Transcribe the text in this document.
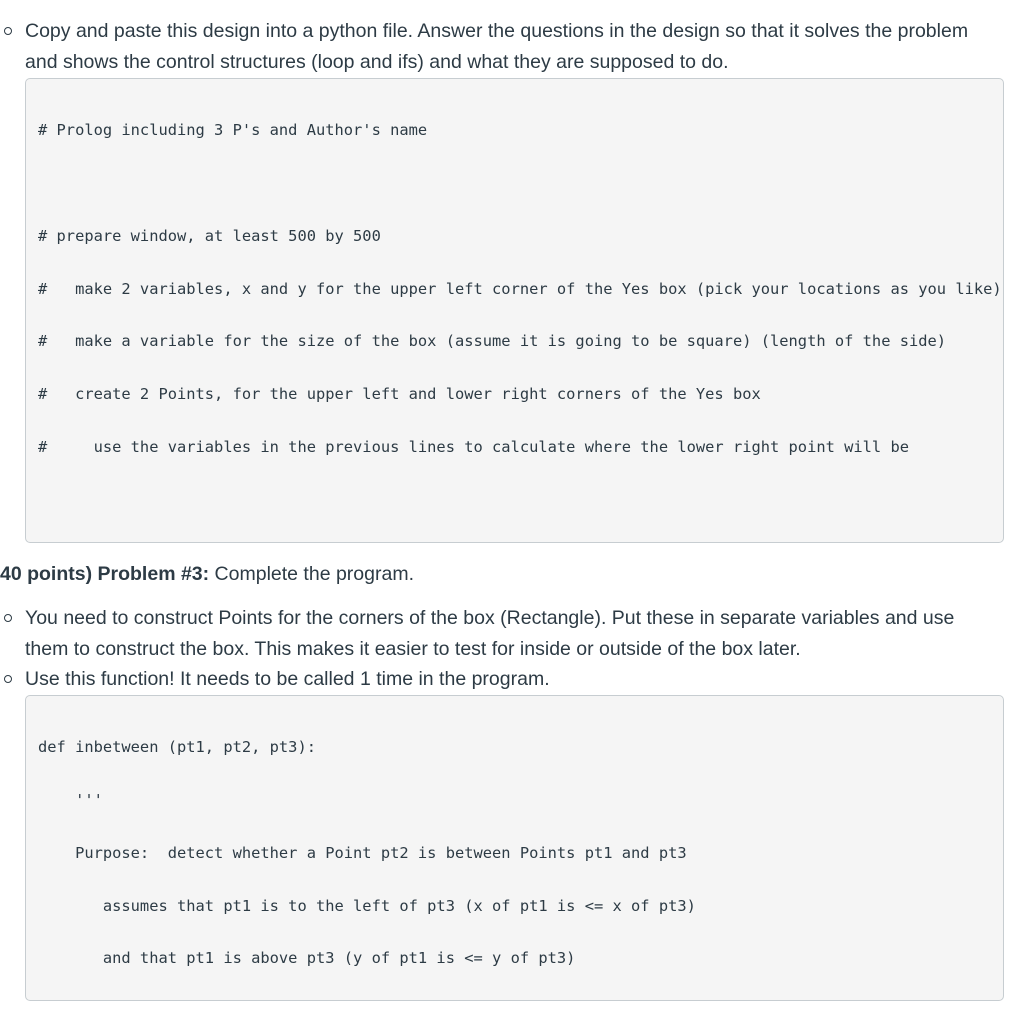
Copy and paste this design into a python file. Answer the questions in the design so that it solves the problem
and shows the control structures (loop and ifs) and what they are supposed to do.

# Prolog including 3 P's and Author's name

# prepare window, at least 500 by 500

#   make 2 variables, x and y for the upper left corner of the Yes box (pick your locations as you like)

#   make a variable for the size of the box (assume it is going to be square) (length of the side)

#   create 2 Points, for the upper left and lower right corners of the Yes box

#     use the variables in the previous lines to calculate where the lower right point will be

40 points) Problem #3: Complete the program.
You need to construct Points for the corners of the box (Rectangle). Put these in separate variables and use
them to construct the box. This makes it easier to test for inside or outside of the box later.
Use this function! It needs to be called 1 time in the program.

def inbetween (pt1, pt2, pt3):

'''

Purpose:  detect whether a Point pt2 is between Points pt1 and pt3

assumes that pt1 is to the left of pt3 (x of pt1 is <= x of pt3)

and that pt1 is above pt3 (y of pt1 is <= y of pt3)
